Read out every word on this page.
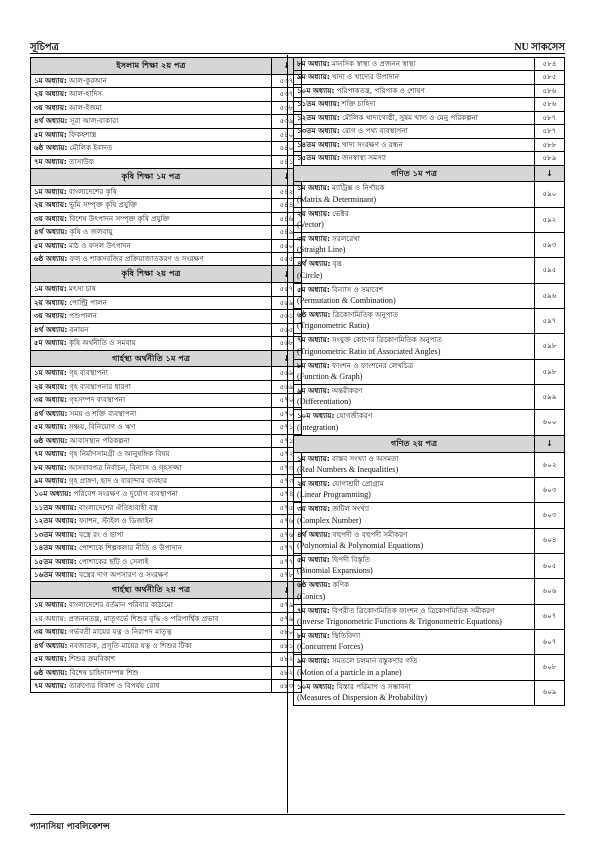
সূচিপত্র	NU সাকসেস
ইসলাম শিক্ষা ২য় পত্র	↓
১ম অধ্যায়: আল-কুরআন	৫৩৭
২য় অধ্যায়: আল-হাদিস	৫৩৭
৩য় অধ্যায়: আল-ইজমা	৫৩৮
৪র্থ অধ্যায়: সূরা আল-বাকারা	৫৩৯
৫ম অধ্যায়: ফিকহশাস্ত্র	৫৪০
৬ষ্ঠ অধ্যায়: মৌলিক ইবাদত	৫৪০
৭ম অধ্যায়: তাসাউফ	৫৪১
কৃষি শিক্ষা ১ম পত্র	↓
১ম অধ্যায়: বাংলাদেশের কৃষি	৫৪২
২য় অধ্যায়: ভূমি সম্পৃক্ত কৃষি প্রযুক্তি	৫৪৪
৩য় অধ্যায়: বিশেষ উৎপাদন সম্পৃক্ত কৃষি প্রযুক্তি	৫৪৬
৪র্থ অধ্যায়: কৃষি ও জলবায়ু	৫৪৯
৫ম অধ্যায়: মাঠ ও ফসল উৎপাদন	৫৫০
৬ষ্ঠ অধ্যায়: ফল ও শাকসবজির প্রক্রিয়াজাতকরণ ও সংরক্ষণ	৫৫৫
কৃষি শিক্ষা ২য় পত্র	↓
১ম অধ্যায়: মৎস্য চাষ	৫৫৭
২য় অধ্যায়: পোল্ট্রি পালন	৫৫৯
৩য় অধ্যায়: পশুপালন	৫৬১
৪র্থ অধ্যায়: বনায়ন	৫৬৫
৫ম অধ্যায়: কৃষি অর্থনীতি ও সমবায়	৫৬৮
গার্হস্থ্য অর্থনীতি ১ম পত্র	↓
১ম অধ্যায়: গৃহ ব্যবস্থাপনা	৫৬৯
২য় অধ্যায়: গৃহ ব্যবস্থাপনার ধারণা	৫৬৯
৩য় অধ্যায়: গৃহসম্পদ ব্যবস্থাপনা	৫৭০
৪র্থ অধ্যায়: সময় ও শক্তি ব্যবস্থাপনা	৫৭০
৫ম অধ্যায়: সঞ্চয়, বিনিয়োগ ও ঋণ	৫৭১
৬ষ্ঠ অধ্যায়: আবাসস্থান পরিকল্পনা	৫৭১
৭ম অধ্যায়: গৃহ নির্মাণসামগ্রী ও আনুষঙ্গিক বিষয়	৫৭২
৮ম অধ্যায়: আসবাবপত্র নির্বাচন, বিন্যাস ও গৃহসজ্জা	৫৭৩
৯ম অধ্যায়: গৃহ প্রাঙ্গণ, ছাদ ও বারান্দার ব্যবহার	৫৭৩
১০ম অধ্যায়: পরিবেশ সংরক্ষণ ও দুর্যোগ ব্যবস্থাপনা	৫৭৪
১১তম অধ্যায়: বাংলাদেশের ঐতিহ্যবাহী বস্ত্র	৫৭৫
১২তম অধ্যায়: ফ্যাশন, স্টাইল ও ডিজাইন	৫৭৬
১৩তম অধ্যায়: বস্ত্রে রং ও ছাপা	৫৭৬
১৪তম অধ্যায়: পোশাকে শিল্পকলার নীতি ও উপাদান	৫৭৭
১৫তম অধ্যায়: পোশাকের ছাঁট ও সেলাই	৫৭৭
১৬তম অধ্যায়: বস্ত্রের দাগ অপসারণ ও সংরক্ষণ	৫৭৮
গার্হস্থ্য অর্থনীতি ২য় পত্র	↓
১ম অধ্যায়: বাংলাদেশের বর্তমান পরিবার কাঠামো	৫৭৯
২য় অধ্যায়: প্রজননতন্ত্র, মাতৃগর্ভে শিশুর বৃদ্ধি ও পরিপার্শ্বিক প্রভাব	৫৭৯
৩য় অধ্যায়: গর্ভবতী মায়ের যত্ন ও নিরাপদ মাতৃত্ব	৫৮০
৪র্থ অধ্যায়: নবজাতক, প্রসূতি মায়ের যত্ন ও শিশুর টিকা	৫৮১
৫ম অধ্যায়: শিশুর ক্রমবিকাশ	৫৮২
৬ষ্ঠ অধ্যায়: বিশেষ চাহিদাসম্পন্ন শিশু	৫৮২
৭ম অধ্যায়: তারুণ্যের বিকাশ ও বিপর্যয় রোধ	৫৮৩
৮ম অধ্যায়: মানসিক স্বাস্থ্য ও প্রজনন স্বাস্থ্য	৫৮৪
৯ম অধ্যায়: খাদ্য ও খাদ্যের উপাদান	৫৮৫
১০ম অধ্যায়: পরিপাকতন্ত্র, পরিপাক ও শোষণ	৫৮৬
১১তম অধ্যায়: শক্তি চাহিদা	৫৮৬
১২তম অধ্যায়: মৌলিক খাদ্যগোষ্ঠী, সুষম খাদ্য ও মেনু পরিকল্পনা	৫৮৭
১৩তম অধ্যায়: রোগ ও পথ্য ব্যবস্থাপনা	৫৮৭
১৪তম অধ্যায়: খাদ্য সংরক্ষণ ও রন্ধন	৫৮৮
১৫তম অধ্যায়: জনস্বাস্থ্য সমস্যা	৫৮৯
গণিত ১ম পত্র	↓
১ম অধ্যায়: ম্যাট্রিক্স ও নির্ণায়ক
(Matrix & Determinant)	৫৯০
২য় অধ্যায়: ভেক্টর
(Vector)	৫৯২
৩য় অধ্যায়: সরলরেখা
(Straight Line)	৫৯৩
৪র্থ অধ্যায়: বৃত্ত
(Circle)	৫৯৫
৫ম অধ্যায়: বিন্যাস ও সমাবেশ
(Permutation & Combination)	৫৯৬
৬ষ্ঠ অধ্যায়: ত্রিকোণমিতিক অনুপাত
(Trigonometric Ratio)	৫৯৭
৭ম অধ্যায়: সংযুক্ত কোণের ত্রিকোণমিতিক অনুপাত
(Trigonometric Ratio of Associated Angles)	৫৯৮
৮ম অধ্যায়: ফাংশন ও ফাংশনের লেখচিত্র
(Function & Graph)	৫৯৮
৯ম অধ্যায়: অন্তরীকরণ
(Differentiation)	৫৯৯
১০ম অধ্যায়: যোগজীকরণ
(Integration)	৬০০
গণিত ২য় পত্র	↓
১ম অধ্যায়: বাস্তব সংখ্যা ও অসমতা
(Real Numbers & Inequalities)	৬০২
২য় অধ্যায়: যোগাশ্রয়ী প্রোগ্রাম
(Linear Programming)	৬০৩
৩য় অধ্যায়: জটিল সংখ্যা
(Complex Number)	৬০৩
৪র্থ অধ্যায়: বহুপদী ও বহুপদী সমীকরণ
(Polynomial & Polynomial Equations)	৬০৪
৫ম অধ্যায়: দ্বিপদী বিস্তৃতি
(Binomial Expansions)	৬০৫
৬ষ্ঠ অধ্যায়: কণিক
(Conics)	৬০৬
৭ম অধ্যায়: বিপরীত ত্রিকোণমিতিক ফাংশন ও ত্রিকোণমিতিক সমীকরণ
(Inverse Trigonometric Functions & Trigonometric Equations)	৬০৭
৮ম অধ্যায়: স্থিতিবিদ্যা
(Concurrent Forces)	৬০৭
৯ম অধ্যায়: সমতলে চলমান বস্তুকণার গতি
(Motion of a particle in a plane)	৬০৮
১০ম অধ্যায়: বিস্তার পরিমাপ ও সম্ভাবনা
(Measures of Dispersion & Probability)	৬০৯
প্যানাসিয়া পাবলিকেশন্স
